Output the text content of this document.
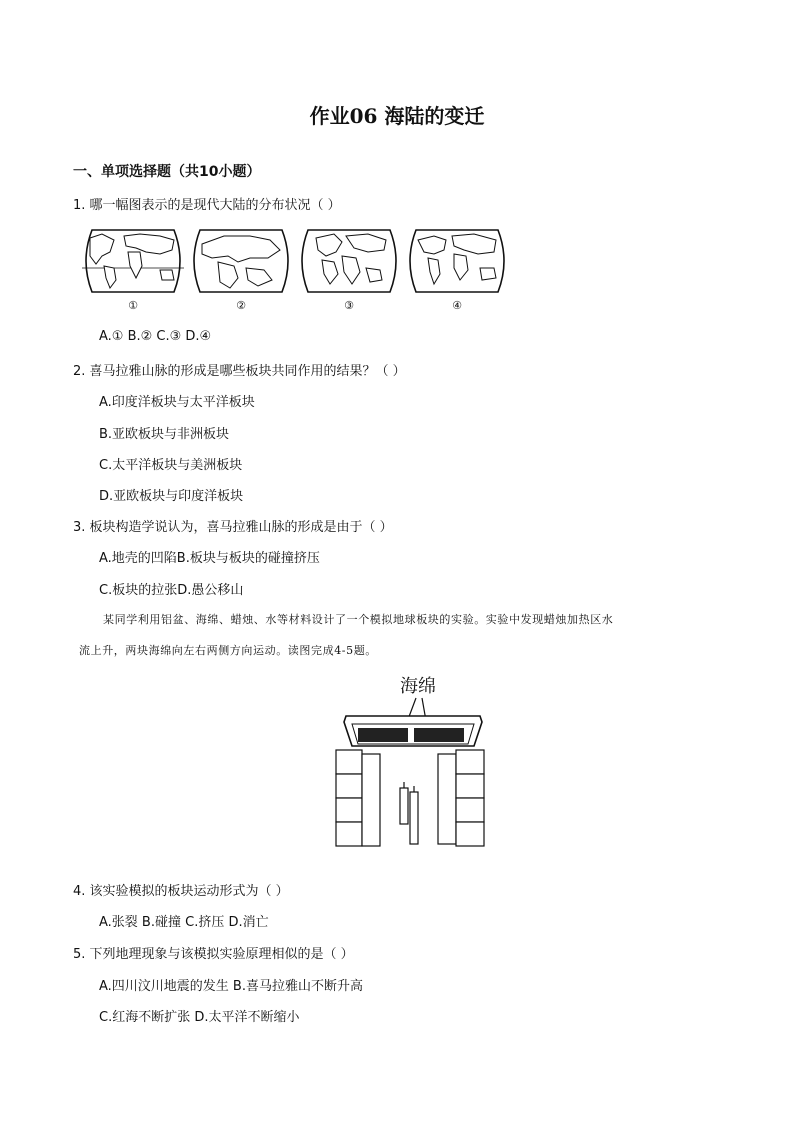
作业06 海陆的变迁
一、单项选择题（共10小题）
1. 哪一幅图表示的是现代大陆的分布状况（ ）
①	②	③	④
A.① B.② C.③ D.④
2. 喜马拉雅山脉的形成是哪些板块共同作用的结果？（ ）
A.印度洋板块与太平洋板块
B.亚欧板块与非洲板块
C.太平洋板块与美洲板块
D.亚欧板块与印度洋板块
3. 板块构造学说认为，喜马拉雅山脉的形成是由于（ ）
A.地壳的凹陷B.板块与板块的碰撞挤压
C.板块的拉张D.愚公移山
某同学利用铝盆、海绵、蜡烛、水等材料设计了一个模拟地球板块的实验。实验中发现蜡烛加热区水
流上升，两块海绵向左右两侧方向运动。读图完成4-5题。
海绵
4. 该实验模拟的板块运动形式为（ ）
A.张裂 B.碰撞 C.挤压 D.消亡
5. 下列地理现象与该模拟实验原理相似的是（ ）
A.四川汶川地震的发生 B.喜马拉雅山不断升高
C.红海不断扩张 D.太平洋不断缩小
